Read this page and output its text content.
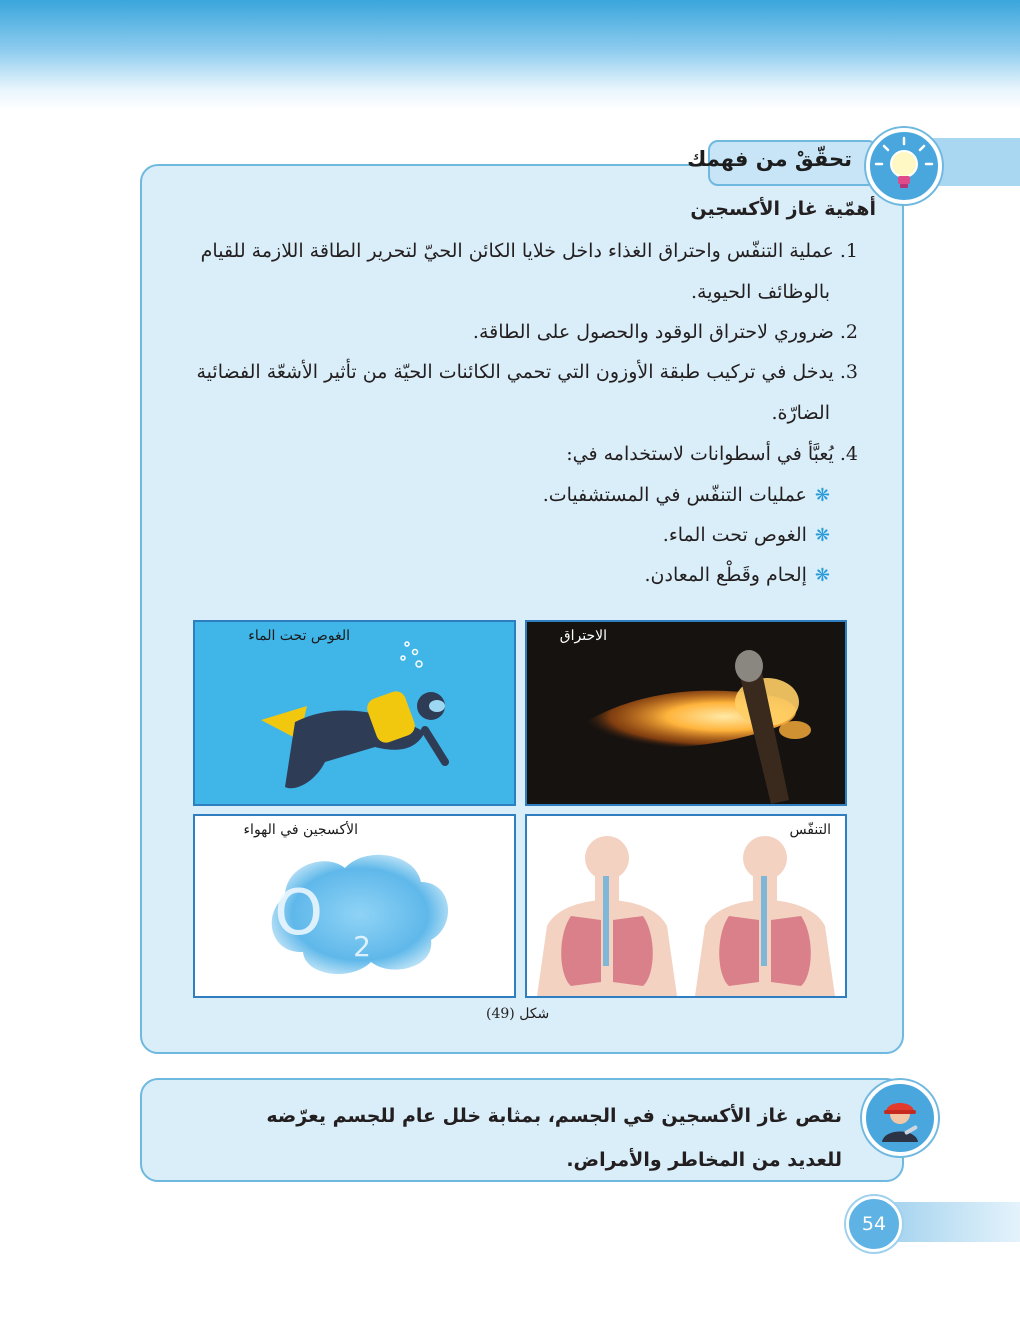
تحقّقْ من فهمك
أهمّية غاز الأكسجين
1. عملية التنفّس واحتراق الغذاء داخل خلايا الكائن الحيّ لتحرير الطاقة اللازمة للقيام
بالوظائف الحيوية.
2. ضروري لاحتراق الوقود والحصول على الطاقة.
3. يدخل في تركيب طبقة الأوزون التي تحمي الكائنات الحيّة من تأثير الأشعّة الفضائية
الضارّة.
4. يُعبَّأ في أسطوانات لاستخدامه في:
❋عمليات التنفّس في المستشفيات.
❋الغوص تحت الماء.
❋إلحام وقَطْع المعادن.
الاحتراق
الغوص تحت الماء
التنفّس
O 2
الأكسجين في الهواء
شكل (49)
نقص غاز الأكسجين في الجسم، بمثابة خلل عام للجسم يعرّضه للعديد من المخاطر والأمراض.
54
